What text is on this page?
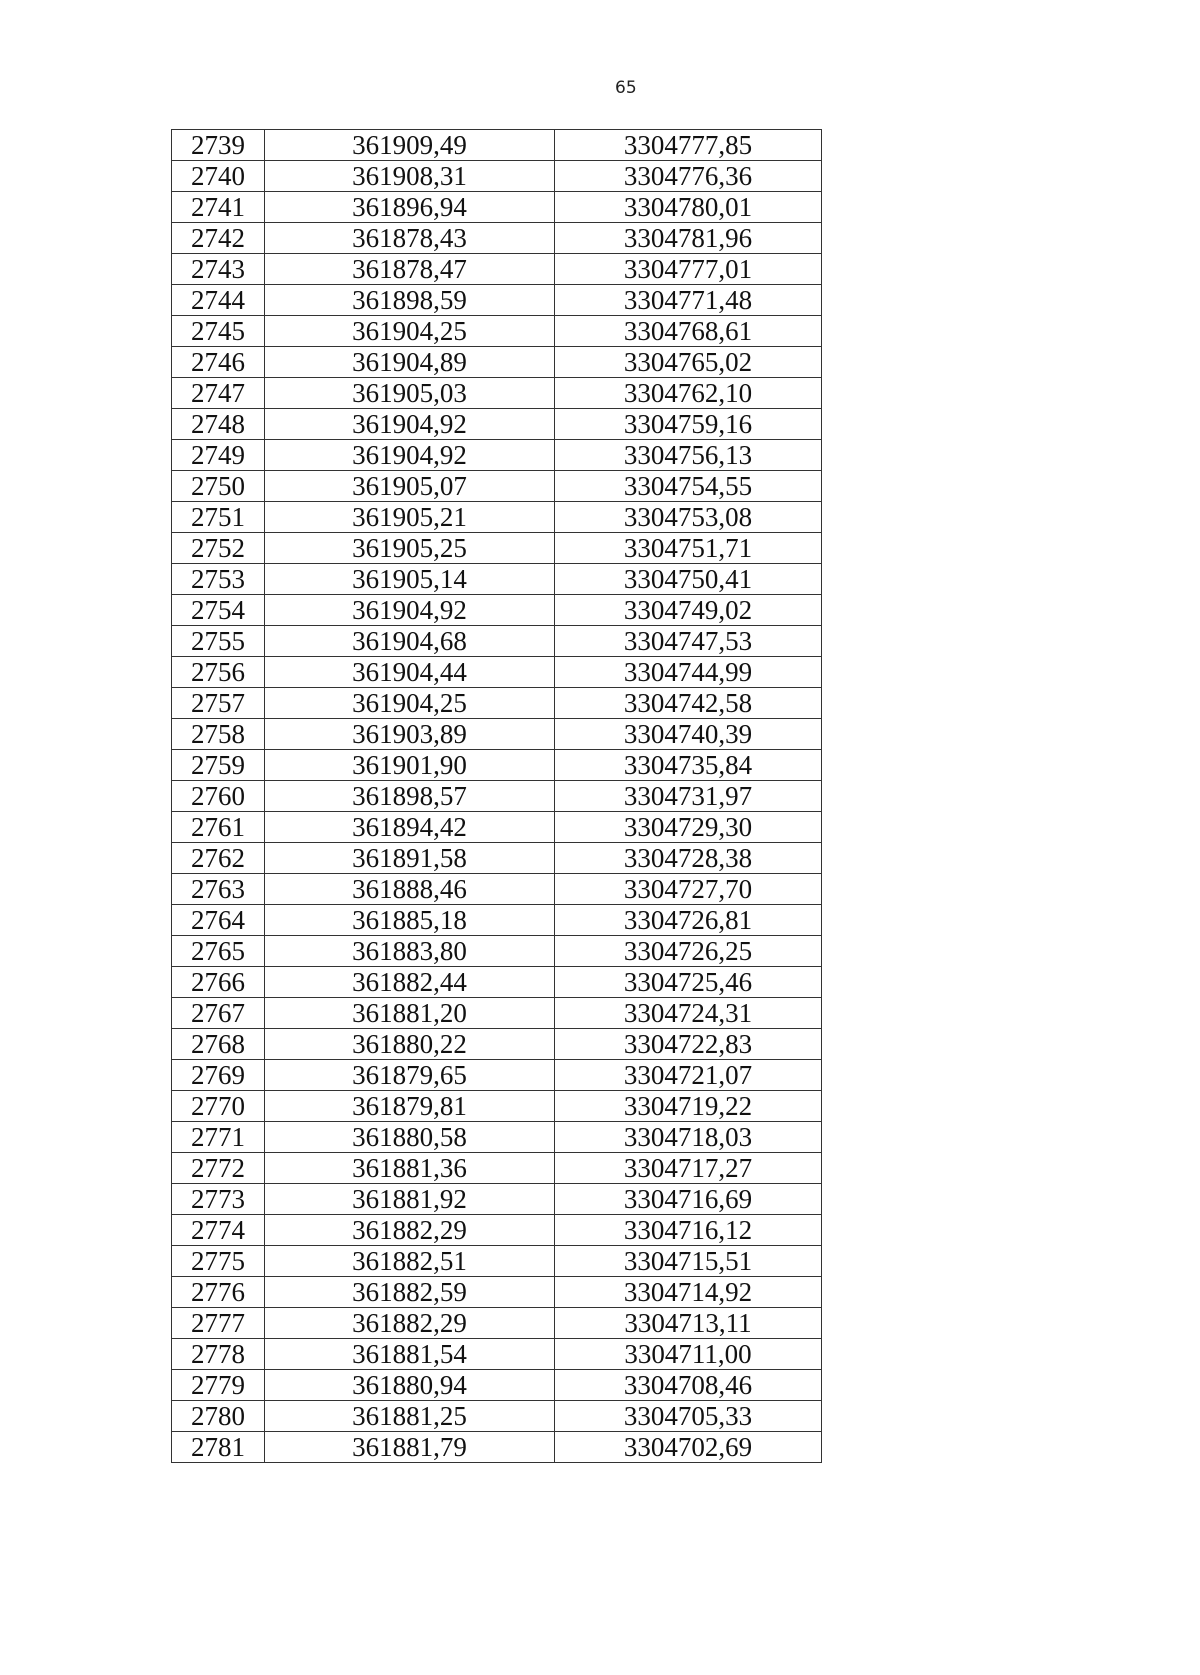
65
2739	361909,49	3304777,85
2740	361908,31	3304776,36
2741	361896,94	3304780,01
2742	361878,43	3304781,96
2743	361878,47	3304777,01
2744	361898,59	3304771,48
2745	361904,25	3304768,61
2746	361904,89	3304765,02
2747	361905,03	3304762,10
2748	361904,92	3304759,16
2749	361904,92	3304756,13
2750	361905,07	3304754,55
2751	361905,21	3304753,08
2752	361905,25	3304751,71
2753	361905,14	3304750,41
2754	361904,92	3304749,02
2755	361904,68	3304747,53
2756	361904,44	3304744,99
2757	361904,25	3304742,58
2758	361903,89	3304740,39
2759	361901,90	3304735,84
2760	361898,57	3304731,97
2761	361894,42	3304729,30
2762	361891,58	3304728,38
2763	361888,46	3304727,70
2764	361885,18	3304726,81
2765	361883,80	3304726,25
2766	361882,44	3304725,46
2767	361881,20	3304724,31
2768	361880,22	3304722,83
2769	361879,65	3304721,07
2770	361879,81	3304719,22
2771	361880,58	3304718,03
2772	361881,36	3304717,27
2773	361881,92	3304716,69
2774	361882,29	3304716,12
2775	361882,51	3304715,51
2776	361882,59	3304714,92
2777	361882,29	3304713,11
2778	361881,54	3304711,00
2779	361880,94	3304708,46
2780	361881,25	3304705,33
2781	361881,79	3304702,69
